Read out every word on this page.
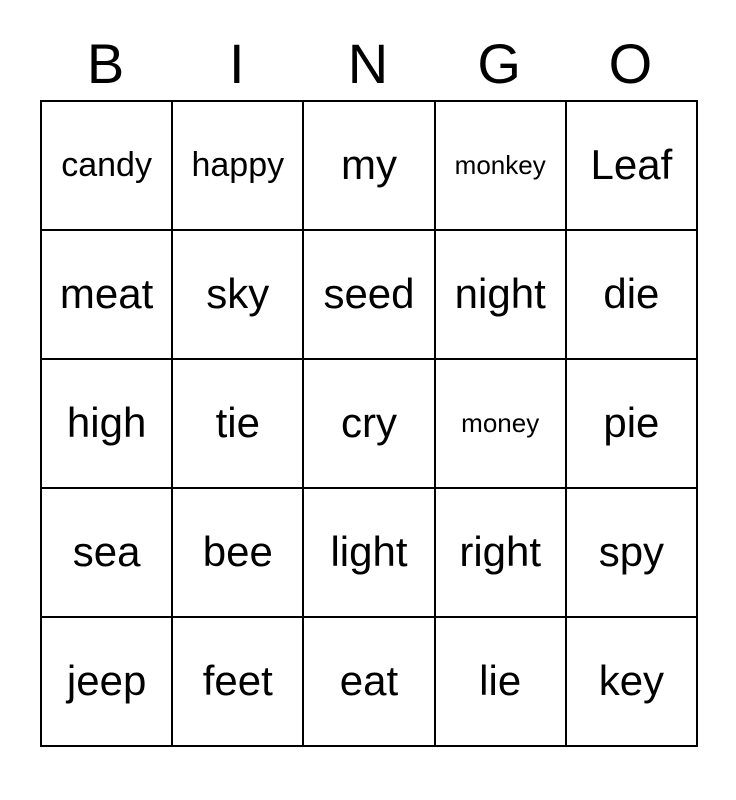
B	I	N	G	O
candy happy my monkey Leaf
meat sky seed night die
high tie cry money pie
sea bee light right spy
jeep feet eat lie key
